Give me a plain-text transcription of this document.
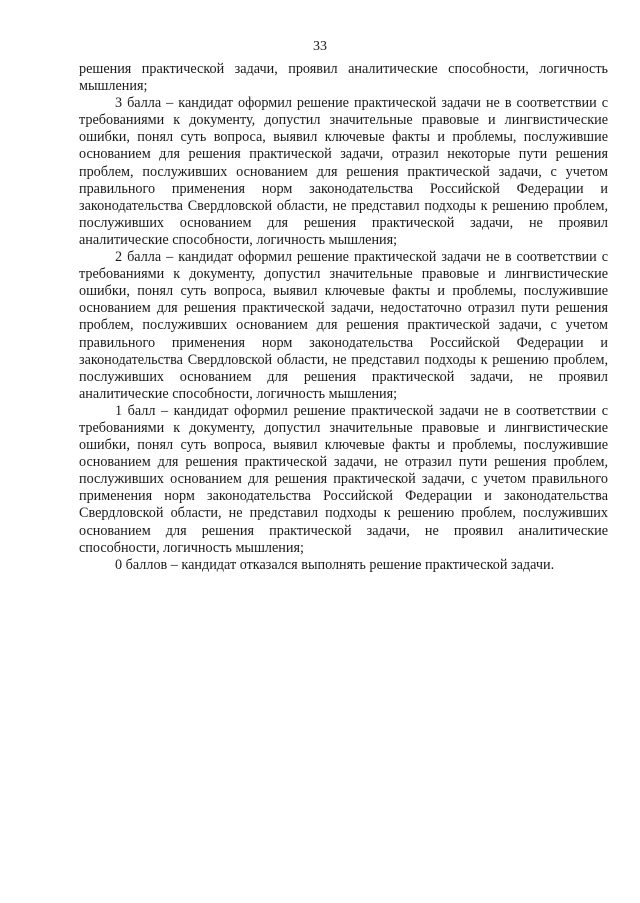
33

решения практической задачи, проявил аналитические способности, логичность мышления;

3 балла – кандидат оформил решение практической задачи не в соответствии с требованиями к документу, допустил значительные правовые и лингвистические ошибки, понял суть вопроса, выявил ключевые факты и проблемы, послужившие основанием для решения практической задачи, отразил некоторые пути решения проблем, послуживших основанием для решения практической задачи, с учетом правильного применения норм законодательства Российской Федерации и законодательства Свердловской области, не представил подходы к решению проблем, послуживших основанием для решения практической задачи, не проявил аналитические способности, логичность мышления;

2 балла – кандидат оформил решение практической задачи не в соответствии с требованиями к документу, допустил значительные правовые и лингвистические ошибки, понял суть вопроса, выявил ключевые факты и проблемы, послужившие основанием для решения практической задачи, недостаточно отразил пути решения проблем, послуживших основанием для решения практической задачи, с учетом правильного применения норм законодательства Российской Федерации и законодательства Свердловской области, не представил подходы к решению проблем, послуживших основанием для решения практической задачи, не проявил аналитические способности, логичность мышления;

1 балл – кандидат оформил решение практической задачи не в соответствии с требованиями к документу, допустил значительные правовые и лингвистические ошибки, понял суть вопроса, выявил ключевые факты и проблемы, послужившие основанием для решения практической задачи, не отразил пути решения проблем, послуживших основанием для решения практической задачи, с учетом правильного применения норм законодательства Российской Федерации и законодательства Свердловской области, не представил подходы к решению проблем, послуживших основанием для решения практической задачи, не проявил аналитические способности, логичность мышления;

0 баллов – кандидат отказался выполнять решение практической задачи.
